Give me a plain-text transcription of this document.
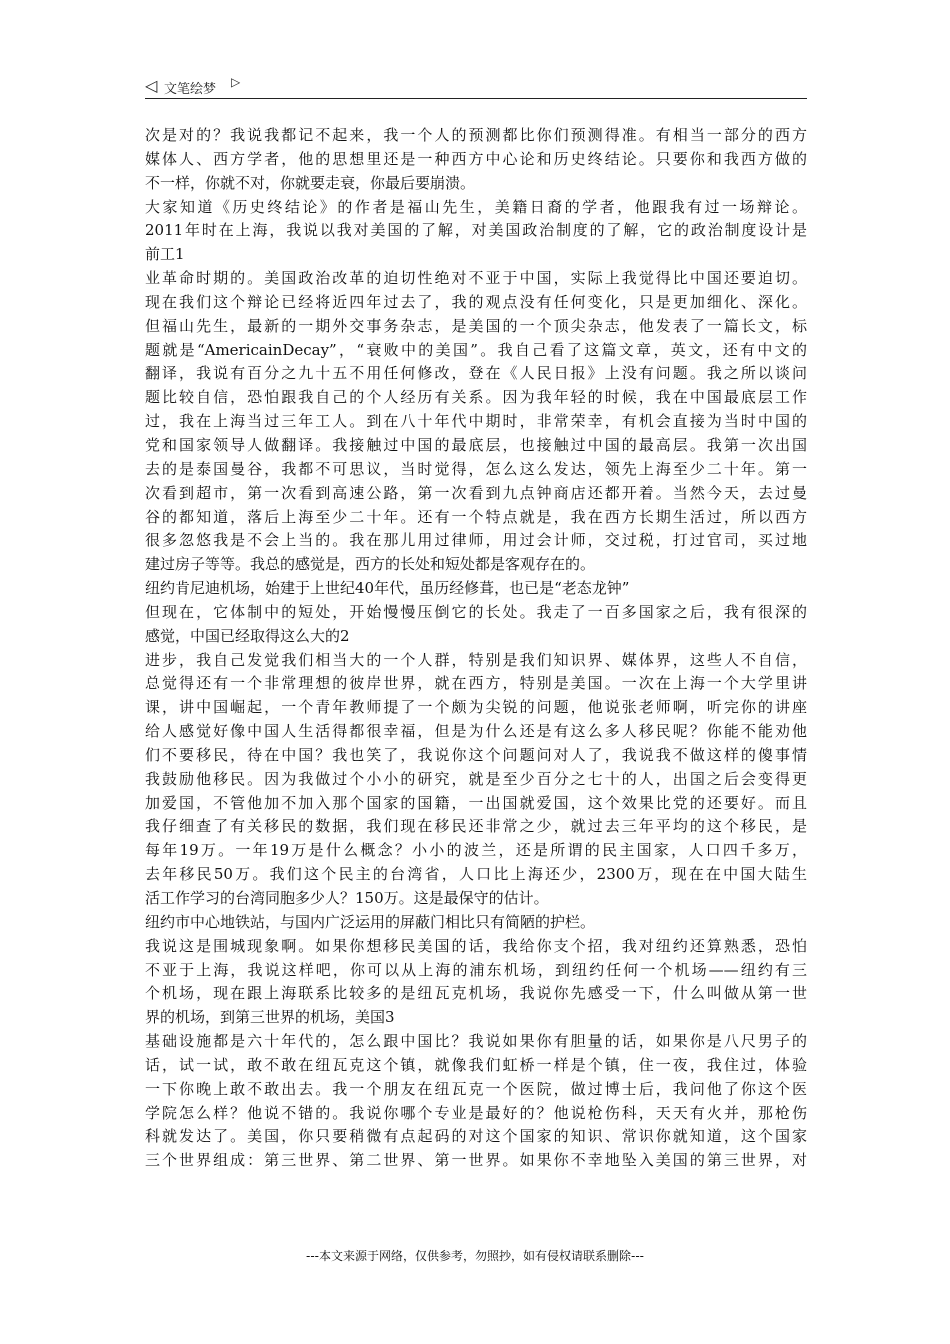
◁ 文笔绘梦 ▷
次是对的？我说我都记不起来，我一个人的预测都比你们预测得准。有相当一部分的西方
媒体人、西方学者，他的思想里还是一种西方中心论和历史终结论。只要你和我西方做的
不一样，你就不对，你就要走衰，你最后要崩溃。
大家知道《历史终结论》的作者是福山先生，美籍日裔的学者，他跟我有过一场辩论。
2011年时在上海，我说以我对美国的了解，对美国政治制度的了解，它的政治制度设计是
前工1
业革命时期的。美国政治改革的迫切性绝对不亚于中国，实际上我觉得比中国还要迫切。
现在我们这个辩论已经将近四年过去了，我的观点没有任何变化，只是更加细化、深化。
但福山先生，最新的一期外交事务杂志，是美国的一个顶尖杂志，他发表了一篇长文，标
题就是“AmericainDecay”，“衰败中的美国”。我自己看了这篇文章，英文，还有中文的
翻译，我说有百分之九十五不用任何修改，登在《人民日报》上没有问题。我之所以谈问
题比较自信，恐怕跟我自己的个人经历有关系。因为我年轻的时候，我在中国最底层工作
过，我在上海当过三年工人。到在八十年代中期时，非常荣幸，有机会直接为当时中国的
党和国家领导人做翻译。我接触过中国的最底层，也接触过中国的最高层。我第一次出国
去的是泰国曼谷，我都不可思议，当时觉得，怎么这么发达，领先上海至少二十年。第一
次看到超市，第一次看到高速公路，第一次看到九点钟商店还都开着。当然今天，去过曼
谷的都知道，落后上海至少二十年。还有一个特点就是，我在西方长期生活过，所以西方
很多忽悠我是不会上当的。我在那儿用过律师，用过会计师，交过税，打过官司，买过地
建过房子等等。我总的感觉是，西方的长处和短处都是客观存在的。
纽约肯尼迪机场，始建于上世纪40年代，虽历经修葺，也已是“老态龙钟”
但现在，它体制中的短处，开始慢慢压倒它的长处。我走了一百多国家之后，我有很深的
感觉，中国已经取得这么大的2
进步，我自己发觉我们相当大的一个人群，特别是我们知识界、媒体界，这些人不自信，
总觉得还有一个非常理想的彼岸世界，就在西方，特别是美国。一次在上海一个大学里讲
课，讲中国崛起，一个青年教师提了一个颇为尖锐的问题，他说张老师啊，听完你的讲座
给人感觉好像中国人生活得都很幸福，但是为什么还是有这么多人移民呢？你能不能劝他
们不要移民，待在中国？我也笑了，我说你这个问题问对人了，我说我不做这样的傻事情
我鼓励他移民。因为我做过个小小的研究，就是至少百分之七十的人，出国之后会变得更
加爱国，不管他加不加入那个国家的国籍，一出国就爱国，这个效果比党的还要好。而且
我仔细查了有关移民的数据，我们现在移民还非常之少，就过去三年平均的这个移民，是
每年19万。一年19万是什么概念？小小的波兰，还是所谓的民主国家，人口四千多万，
去年移民50万。我们这个民主的台湾省，人口比上海还少，2300万，现在在中国大陆生
活工作学习的台湾同胞多少人？150万。这是最保守的估计。
纽约市中心地铁站，与国内广泛运用的屏蔽门相比只有简陋的护栏。
我说这是围城现象啊。如果你想移民美国的话，我给你支个招，我对纽约还算熟悉，恐怕
不亚于上海，我说这样吧，你可以从上海的浦东机场，到纽约任何一个机场——纽约有三
个机场，现在跟上海联系比较多的是纽瓦克机场，我说你先感受一下，什么叫做从第一世
界的机场，到第三世界的机场，美国3
基础设施都是六十年代的，怎么跟中国比？我说如果你有胆量的话，如果你是八尺男子的
话，试一试，敢不敢在纽瓦克这个镇，就像我们虹桥一样是个镇，住一夜，我住过，体验
一下你晚上敢不敢出去。我一个朋友在纽瓦克一个医院，做过博士后，我问他了你这个医
学院怎么样？他说不错的。我说你哪个专业是最好的？他说枪伤科，天天有火并，那枪伤
科就发达了。美国，你只要稍微有点起码的对这个国家的知识、常识你就知道，这个国家
三个世界组成：第三世界、第二世界、第一世界。如果你不幸地坠入美国的第三世界，对
---本文来源于网络，仅供参考，勿照抄，如有侵权请联系删除---
